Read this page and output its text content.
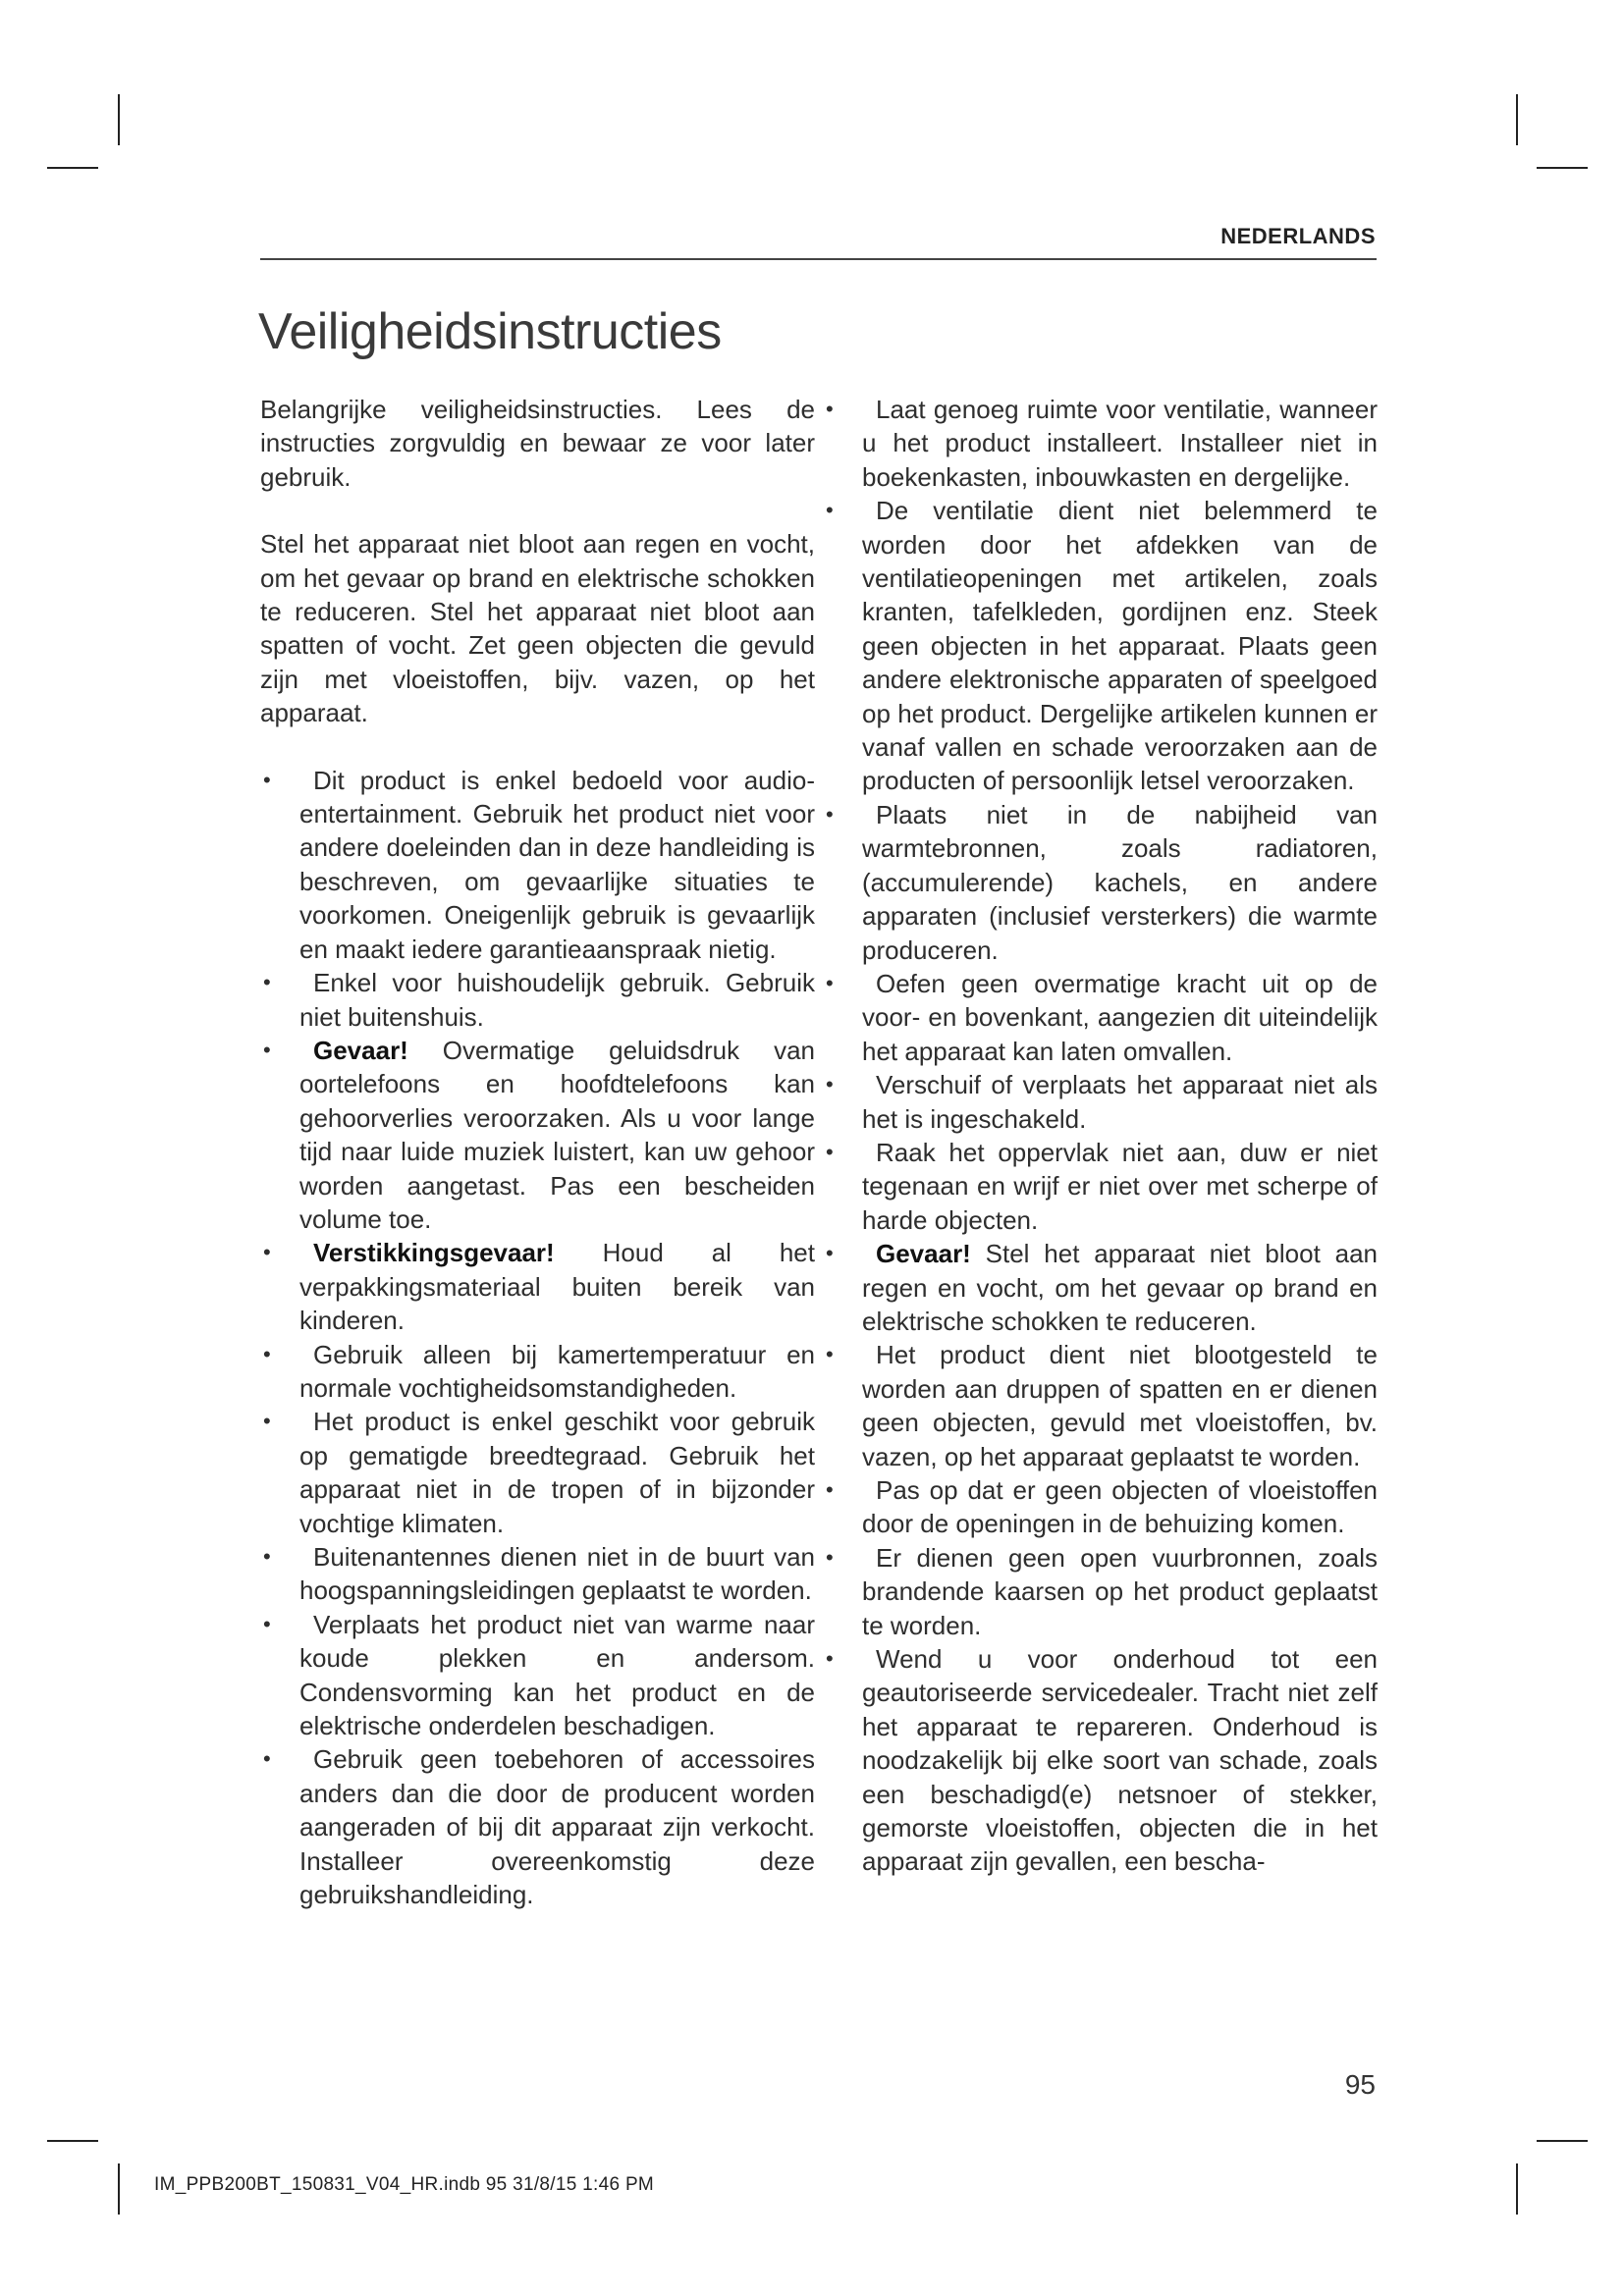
NEDERLANDS
Veiligheidsinstructies

Belangrijke veiligheidsinstructies. Lees de instructies zorgvuldig en bewaar ze voor later gebruik.

Stel het apparaat niet bloot aan regen en vocht, om het gevaar op brand en elektrische schokken te reduceren. Stel het apparaat niet bloot aan spatten of vocht. Zet geen objecten die gevuld zijn met vloeistoffen, bijv. vazen, op het apparaat.

• Dit product is enkel bedoeld voor audio-entertainment. Gebruik het product niet voor andere doeleinden dan in deze handleiding is beschreven, om gevaarlijke situaties te voorkomen. Oneigenlijk gebruik is gevaarlijk en maakt iedere garantieaanspraak nietig.
• Enkel voor huishoudelijk gebruik. Gebruik niet buitenshuis.
• Gevaar! Overmatige geluidsdruk van oortelefoons en hoofdtelefoons kan gehoorverlies veroorzaken. Als u voor lange tijd naar luide muziek luistert, kan uw gehoor worden aangetast. Pas een bescheiden volume toe.
• Verstikkingsgevaar! Houd al het verpakkingsmateriaal buiten bereik van kinderen.
• Gebruik alleen bij kamertemperatuur en normale vochtigheidsomstandigheden.
• Het product is enkel geschikt voor gebruik op gematigde breedtegraad. Gebruik het apparaat niet in de tropen of in bijzonder vochtige klimaten.
• Buitenantennes dienen niet in de buurt van hoogspanningsleidingen geplaatst te worden.
• Verplaats het product niet van warme naar koude plekken en andersom. Condensvorming kan het product en de elektrische onderdelen beschadigen.
• Gebruik geen toebehoren of accessoires anders dan die door de producent worden aangeraden of bij dit apparaat zijn verkocht. Installeer overeenkomstig deze gebruikshandleiding.
• Laat genoeg ruimte voor ventilatie, wanneer u het product installeert. Installeer niet in boekenkasten, inbouwkasten en dergelijke.
• De ventilatie dient niet belemmerd te worden door het afdekken van de ventilatieopeningen met artikelen, zoals kranten, tafelkleden, gordijnen enz. Steek geen objecten in het apparaat. Plaats geen andere elektronische apparaten of speelgoed op het product. Dergelijke artikelen kunnen er vanaf vallen en schade veroorzaken aan de producten of persoonlijk letsel veroorzaken.
• Plaats niet in de nabijheid van warmtebronnen, zoals radiatoren, (accumulerende) kachels, en andere apparaten (inclusief versterkers) die warmte produceren.
• Oefen geen overmatige kracht uit op de voor- en bovenkant, aangezien dit uiteindelijk het apparaat kan laten omvallen.
• Verschuif of verplaats het apparaat niet als het is ingeschakeld.
• Raak het oppervlak niet aan, duw er niet tegenaan en wrijf er niet over met scherpe of harde objecten.
• Gevaar! Stel het apparaat niet bloot aan regen en vocht, om het gevaar op brand en elektrische schokken te reduceren.
• Het product dient niet blootgesteld te worden aan druppen of spatten en er dienen geen objecten, gevuld met vloeistoffen, bv. vazen, op het apparaat geplaatst te worden.
• Pas op dat er geen objecten of vloeistoffen door de openingen in de behuizing komen.
• Er dienen geen open vuurbronnen, zoals brandende kaarsen op het product geplaatst te worden.
• Wend u voor onderhoud tot een geautoriseerde servicedealer. Tracht niet zelf het apparaat te repareren. Onderhoud is noodzakelijk bij elke soort van schade, zoals een beschadigd(e) netsnoer of stekker, gemorste vloeistoffen, objecten die in het apparaat zijn gevallen, een bescha-
95
IM_PPB200BT_150831_V04_HR.indb 95 31/8/15 1:46 PM
